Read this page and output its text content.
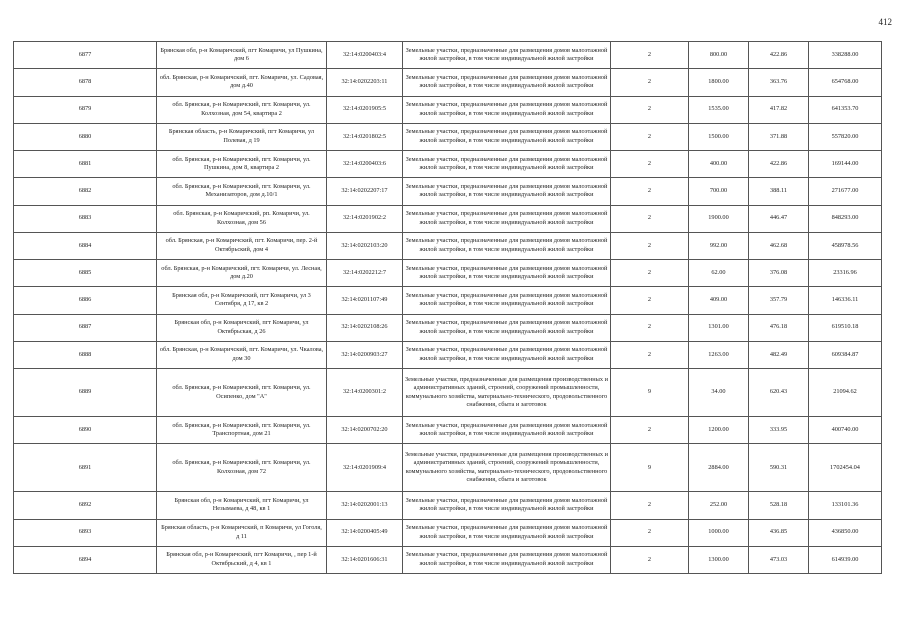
412
6877	Брянская обл, р-н Комаричский, пгт Комаричи, ул Пушкина, дом 6	32:14:0200403:4	Земельные участки, предназначенные для размещения домов малоэтажной жилой застройки, в том числе индивидуальной жилой застройки	2	800.00	422.86	338288.00
6878	обл. Брянская, р-н Комаричский, пгт. Комаричи, ул. Садовая, дом д.40	32:14:0202203:11	Земельные участки, предназначенные для размещения домов малоэтажной жилой застройки, в том числе индивидуальной жилой застройки	2	1800.00	363.76	654768.00
6879	обл. Брянская, р-н Комаричский, пгт. Комаричи, ул. Колхозная, дом 54, квартира 2	32:14:0201905:5	Земельные участки, предназначенные для размещения домов малоэтажной жилой застройки, в том числе индивидуальной жилой застройки	2	1535.00	417.82	641353.70
6880	Брянская область, р-н Комаричский, пгт Комаричи, ул Полевая, д 19	32:14:0201802:5	Земельные участки, предназначенные для размещения домов малоэтажной жилой застройки, в том числе индивидуальной жилой застройки	2	1500.00	371.88	557820.00
6881	обл. Брянская, р-н Комаричский, пгт. Комаричи, ул. Пушкина, дом 8, квартира 2	32:14:0200403:6	Земельные участки, предназначенные для размещения домов малоэтажной жилой застройки, в том числе индивидуальной жилой застройки	2	400.00	422.86	169144.00
6882	обл. Брянская, р-н Комаричский, пгт. Комаричи, ул. Механизаторов, дом д.10/1	32:14:0202207:17	Земельные участки, предназначенные для размещения домов малоэтажной жилой застройки, в том числе индивидуальной жилой застройки	2	700.00	388.11	271677.00
6883	обл. Брянская, р-н Комаричский, рп. Комаричи, ул. Колхозная, дом 56	32:14:0201902:2	Земельные участки, предназначенные для размещения домов малоэтажной жилой застройки, в том числе индивидуальной жилой застройки	2	1900.00	446.47	848293.00
6884	обл. Брянская, р-н Комаричский, пгт. Комаричи, пер. 2-й Октябрьский, дом 4	32:14:0202103:20	Земельные участки, предназначенные для размещения домов малоэтажной жилой застройки, в том числе индивидуальной жилой застройки	2	992.00	462.68	458978.56
6885	обл. Брянская, р-н Комаричский, пгт. Комаричи, ул. Лесная, дом д.20	32:14:0202212:7	Земельные участки, предназначенные для размещения домов малоэтажной жилой застройки, в том числе индивидуальной жилой застройки	2	62.00	376.08	23316.96
6886	Брянская обл, р-н Комаричский, пгт Комаричи, ул 3 Сентября, д 17, кв 2	32:14:0201107:49	Земельные участки, предназначенные для размещения домов малоэтажной жилой застройки, в том числе индивидуальной жилой застройки	2	409.00	357.79	146336.11
6887	Брянская обл, р-н Комаричский, пгт Комаричи, ул Октябрьская, д 26	32:14:0202108:26	Земельные участки, предназначенные для размещения домов малоэтажной жилой застройки, в том числе индивидуальной жилой застройки	2	1301.00	476.18	619510.18
6888	обл. Брянская, р-н Комаричский, пгт. Комаричи, ул. Чкалова, дом 30	32:14:0200903:27	Земельные участки, предназначенные для размещения домов малоэтажной жилой застройки, в том числе индивидуальной жилой застройки	2	1263.00	482.49	609384.87
6889	обл. Брянская, р-н Комаричский, пгт. Комаричи, ул. Осипенко, дом "А"	32:14:0200301:2	Земельные участки, предназначенные для размещения производственных и административных зданий, строений, сооружений промышленности, коммунального хозяйства, материально-технического, продовольственного снабжения, сбыта и заготовок	9	34.00	620.43	21094.62
6890	обл. Брянская, р-н Комаричский, пгт. Комаричи, ул. Транспортная, дом 21	32:14:0200702:20	Земельные участки, предназначенные для размещения домов малоэтажной жилой застройки, в том числе индивидуальной жилой застройки	2	1200.00	333.95	400740.00
6891	обл. Брянская, р-н Комаричский, пгт. Комаричи, ул. Колхозная, дом 72	32:14:0201909:4	Земельные участки, предназначенные для размещения производственных и административных зданий, строений, сооружений промышленности, коммунального хозяйства, материально-технического, продовольственного снабжения, сбыта и заготовок	9	2884.00	590.31	1702454.04
6892	Брянская обл, р-н Комаричский, пгт Комаричи, ул Незымаева, д 48, кв 1	32:14:0202001:13	Земельные участки, предназначенные для размещения домов малоэтажной жилой застройки, в том числе индивидуальной жилой застройки	2	252.00	528.18	133101.36
6893	Брянская область, р-н Комаричский, п Комаричи, ул Гоголя, д 11	32:14:0200405:49	Земельные участки, предназначенные для размещения домов малоэтажной жилой застройки, в том числе индивидуальной жилой застройки	2	1000.00	436.85	436850.00
6894	Брянская обл, р-н Комаричский, пгт Комаричи, , пер 1-й Октябрьский, д 4, кв 1	32:14:0201606:31	Земельные участки, предназначенные для размещения домов малоэтажной жилой застройки, в том числе индивидуальной жилой застройки	2	1300.00	473.03	614939.00
